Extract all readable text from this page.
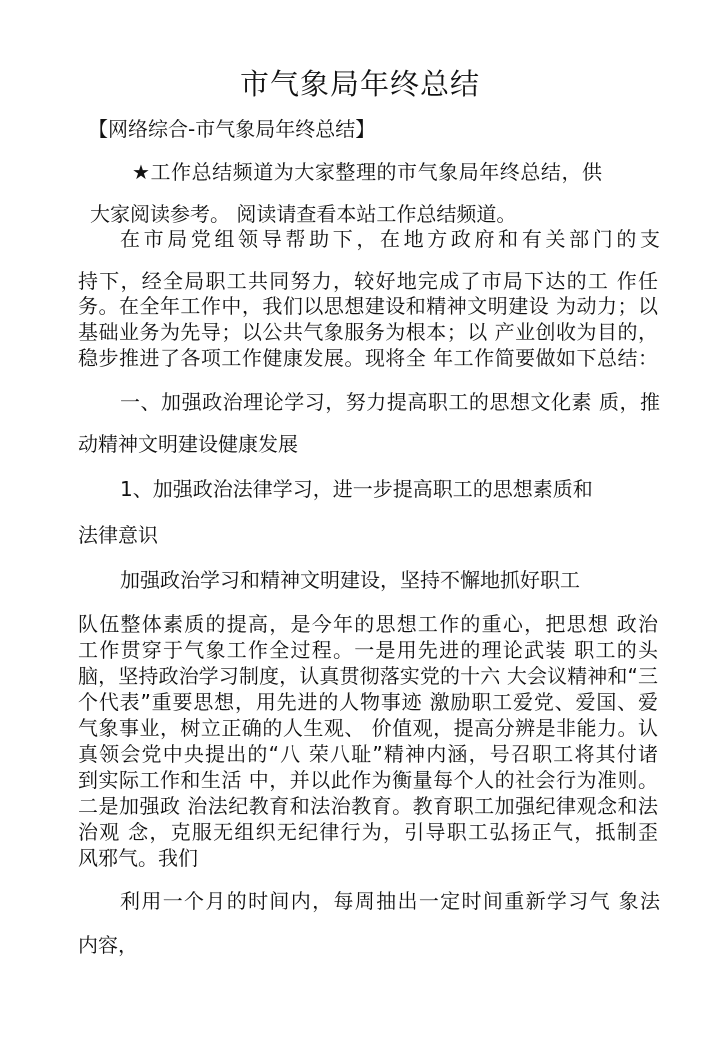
市气象局年终总结
【网络综合-市气象局年终总结】
★工作总结频道为大家整理的市气象局年终总结，供
大家阅读参考。 阅读请查看本站工作总结频道。
在市局党组领导帮助下，在地方政府和有关部门的支
持下，经全局职工共同努力，较好地完成了市局下达的工 作任
务。在全年工作中，我们以思想建设和精神文明建设 为动力；以
基础业务为先导；以公共气象服务为根本；以 产业创收为目的，
稳步推进了各项工作健康发展。现将全 年工作简要做如下总结：
一、加强政治理论学习，努力提高职工的思想文化素 质，推
动精神文明建设健康发展
1、加强政治法律学习，进一步提高职工的思想素质和
法律意识
加强政治学习和精神文明建设，坚持不懈地抓好职工
队伍整体素质的提高，是今年的思想工作的重心，把思想 政治
工作贯穿于气象工作全过程。一是用先进的理论武装 职工的头
脑，坚持政治学习制度，认真贯彻落实党的十六 大会议精神和“三
个代表”重要思想，用先进的人物事迹 激励职工爱党、爱国、爱
气象事业，树立正确的人生观、 价值观，提高分辨是非能力。认
真领会党中央提出的“八 荣八耻”精神内涵，号召职工将其付诸
到实际工作和生活 中，并以此作为衡量每个人的社会行为准则。
二是加强政 治法纪教育和法治教育。教育职工加强纪律观念和法
治观 念，克服无组织无纪律行为，引导职工弘扬正气，抵制歪
风邪气。我们
利用一个月的时间内，每周抽出一定时间重新学习气 象法
内容，
